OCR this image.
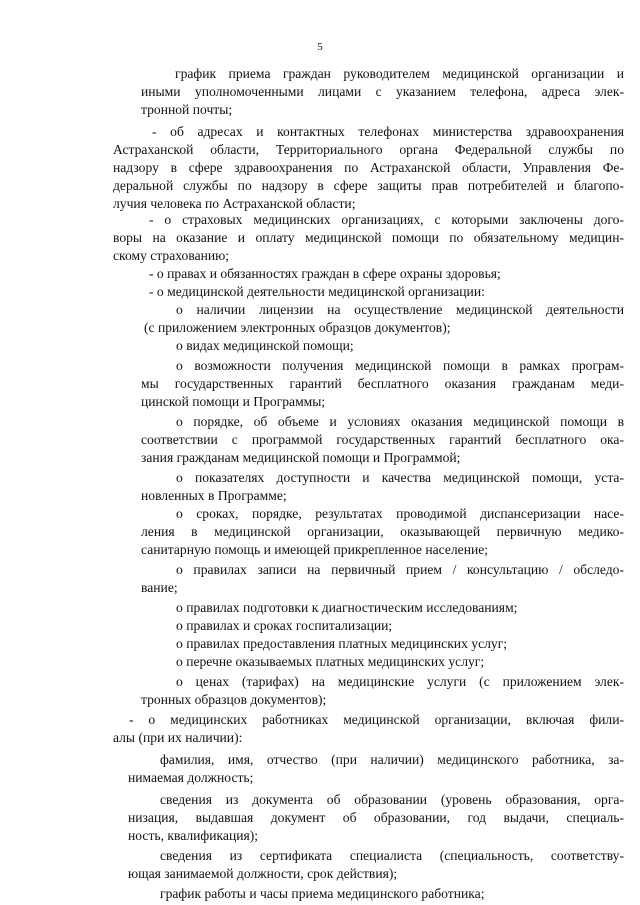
5
график приема граждан руководителем медицинской организации и
иными уполномоченными лицами с указанием телефона, адреса элек-
тронной почты;
- об адресах и контактных телефонах министерства здравоохранения
Астраханской области, Территориального органа Федеральной службы по
надзору в сфере здравоохранения по Астраханской области, Управления Фе-
деральной службы по надзору в сфере защиты прав потребителей и благопо-
лучия человека по Астраханской области;
- о страховых медицинских организациях, с которыми заключены дого-
воры на оказание и оплату медицинской помощи по обязательному медицин-
скому страхованию;
- о правах и обязанностях граждан в сфере охраны здоровья;
- о медицинской деятельности медицинской организации:
о наличии лицензии на осуществление медицинской деятельности
(с приложением электронных образцов документов);
о видах медицинской помощи;
о возможности получения медицинской помощи в рамках програм-
мы государственных гарантий бесплатного оказания гражданам меди-
цинской помощи и Программы;
о порядке, об объеме и условиях оказания медицинской помощи в
соответствии с программой государственных гарантий бесплатного ока-
зания гражданам медицинской помощи и Программой;
о показателях доступности и качества медицинской помощи, уста-
новленных в Программе;
о сроках, порядке, результатах проводимой диспансеризации насе-
ления в медицинской организации, оказывающей первичную медико-
санитарную помощь и имеющей прикрепленное население;
о правилах записи на первичный прием / консультацию / обследо-
вание;
о правилах подготовки к диагностическим исследованиям;
о правилах и сроках госпитализации;
о правилах предоставления платных медицинских услуг;
о перечне оказываемых платных медицинских услуг;
о ценах (тарифах) на медицинские услуги (с приложением элек-
тронных образцов документов);
- о медицинских работниках медицинской организации, включая фили-
алы (при их наличии):
фамилия, имя, отчество (при наличии) медицинского работника, за-
нимаемая должность;
сведения из документа об образовании (уровень образования, орга-
низация, выдавшая документ об образовании, год выдачи, специаль-
ность, квалификация);
сведения из сертификата специалиста (специальность, соответству-
ющая занимаемой должности, срок действия);
график работы и часы приема медицинского работника;
